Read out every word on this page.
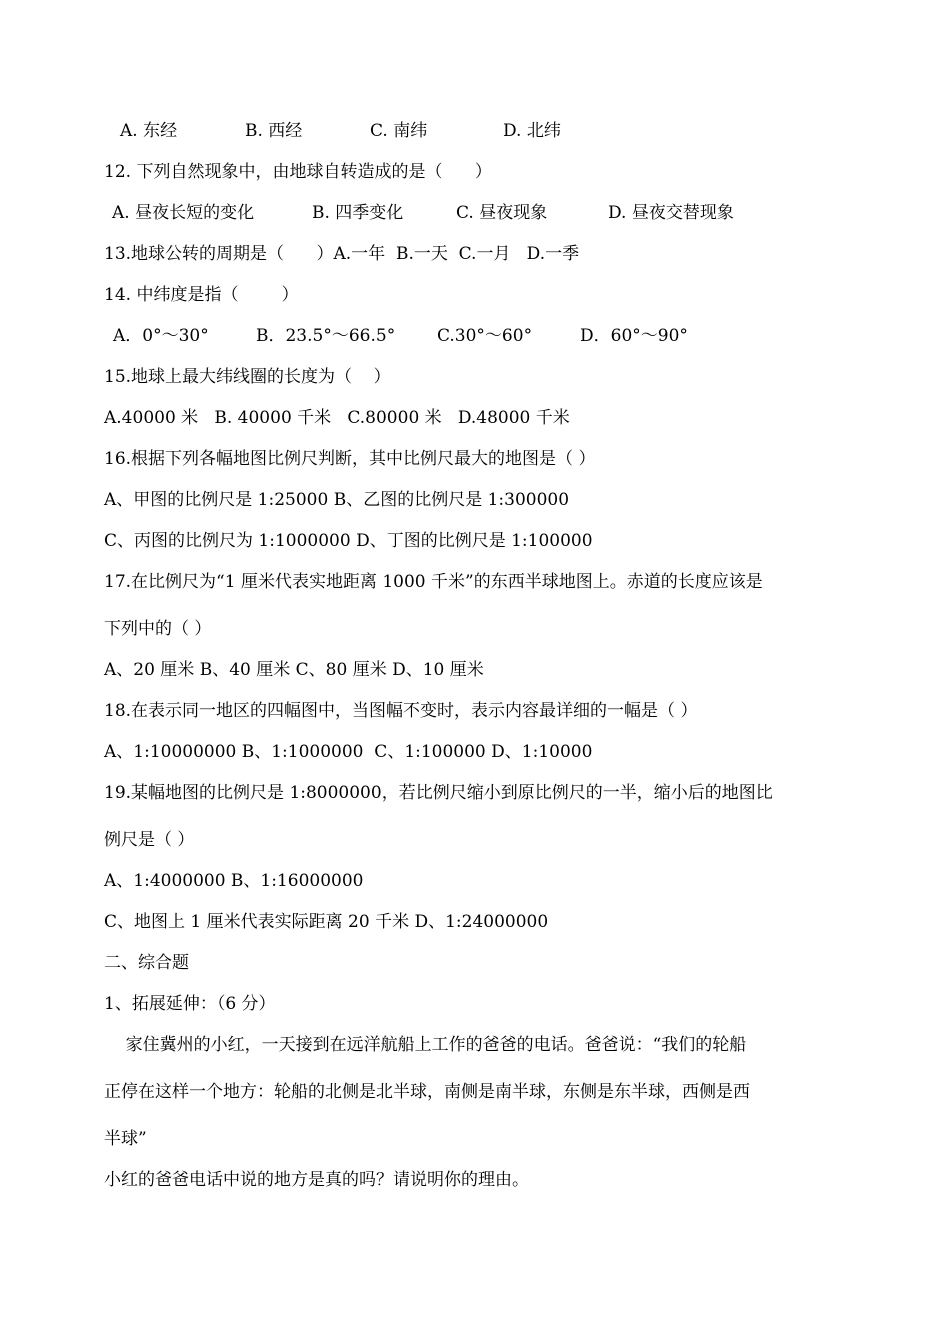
A. 东经	B. 西经	C. 南纬	D. 北纬
12. 下列自然现象中，由地球自转造成的是（      ）
A. 昼夜长短的变化	B. 四季变化	C. 昼夜现象	D. 昼夜交替现象
13.地球公转的周期是（      ）A.一年  B.一天  C.一月   D.一季
14. 中纬度是指（        ）
A．0°～30°	B．23.5°～66.5° C.30°～60°	D．60°～90°
15.地球上最大纬线圈的长度为（    ）
A.40000 米   B. 40000 千米   C.80000 米   D.48000 千米
16.根据下列各幅地图比例尺判断，其中比例尺最大的地图是（ ）
A、甲图的比例尺是 1:25000 B、乙图的比例尺是 1:300000
C、丙图的比例尺为 1:1000000 D、丁图的比例尺是 1:100000
17.在比例尺为“1 厘米代表实地距离 1000 千米”的东西半球地图上。赤道的长度应该是
下列中的（ ）
A、20 厘米 B、40 厘米 C、80 厘米 D、10 厘米
18.在表示同一地区的四幅图中，当图幅不变时，表示内容最详细的一幅是（ ）
A、1:10000000 B、1:1000000  C、1:100000 D、1:10000
19.某幅地图的比例尺是 1:8000000，若比例尺缩小到原比例尺的一半，缩小后的地图比
例尺是（ ）
A、1:4000000 B、1:16000000
C、地图上 1 厘米代表实际距离 20 千米 D、1:24000000
二、综合题
1、拓展延伸：（6 分）
家住冀州的小红，一天接到在远洋航船上工作的爸爸的电话。爸爸说：“我们的轮船
正停在这样一个地方：轮船的北侧是北半球，南侧是南半球，东侧是东半球，西侧是西
半球”
小红的爸爸电话中说的地方是真的吗？请说明你的理由。
